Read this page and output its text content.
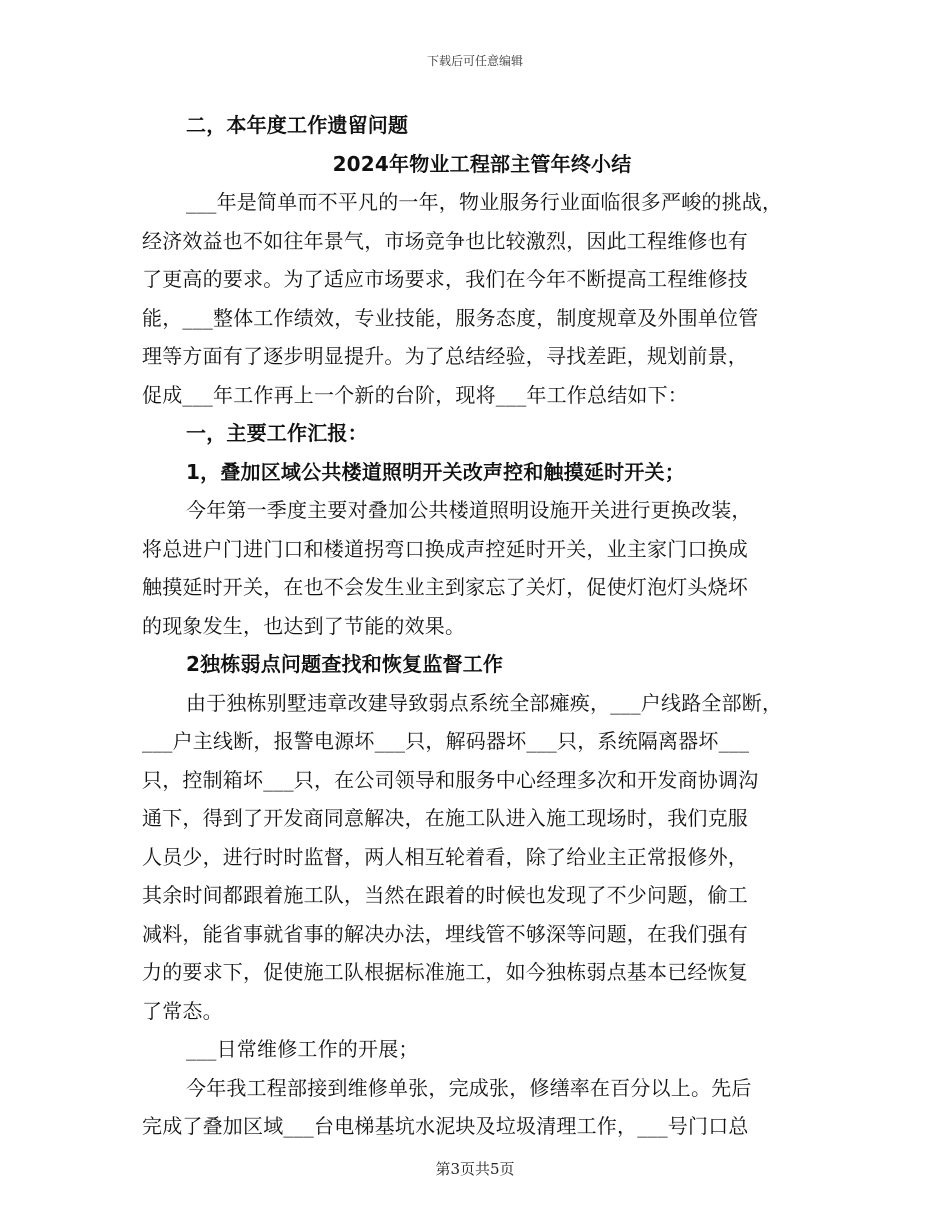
下载后可任意编辑
二，本年度工作遗留问题
2024年物业工程部主管年终小结
___年是简单而不平凡的一年，物业服务行业面临很多严峻的挑战，
经济效益也不如往年景气，市场竞争也比较激烈，因此工程维修也有
了更高的要求。为了适应市场要求，我们在今年不断提高工程维修技
能，___整体工作绩效，专业技能，服务态度，制度规章及外围单位管
理等方面有了逐步明显提升。为了总结经验，寻找差距，规划前景，
促成___年工作再上一个新的台阶，现将___年工作总结如下：
一，主要工作汇报：
1，叠加区域公共楼道照明开关改声控和触摸延时开关；
今年第一季度主要对叠加公共楼道照明设施开关进行更换改装，
将总进户门进门口和楼道拐弯口换成声控延时开关，业主家门口换成
触摸延时开关，在也不会发生业主到家忘了关灯，促使灯泡灯头烧坏
的现象发生，也达到了节能的效果。
2独栋弱点问题查找和恢复监督工作
由于独栋别墅违章改建导致弱点系统全部瘫痪，___户线路全部断，
___户主线断，报警电源坏___只，解码器坏___只，系统隔离器坏___
只，控制箱坏___只，在公司领导和服务中心经理多次和开发商协调沟
通下，得到了开发商同意解决，在施工队进入施工现场时，我们克服
人员少，进行时时监督，两人相互轮着看，除了给业主正常报修外，
其余时间都跟着施工队，当然在跟着的时候也发现了不少问题，偷工
减料，能省事就省事的解决办法，埋线管不够深等问题，在我们强有
力的要求下，促使施工队根据标准施工，如今独栋弱点基本已经恢复
了常态。
___日常维修工作的开展；
今年我工程部接到维修单张，完成张，修缮率在百分以上。先后
完成了叠加区域___台电梯基坑水泥块及垃圾清理工作，___号门口总
第3页共5页
